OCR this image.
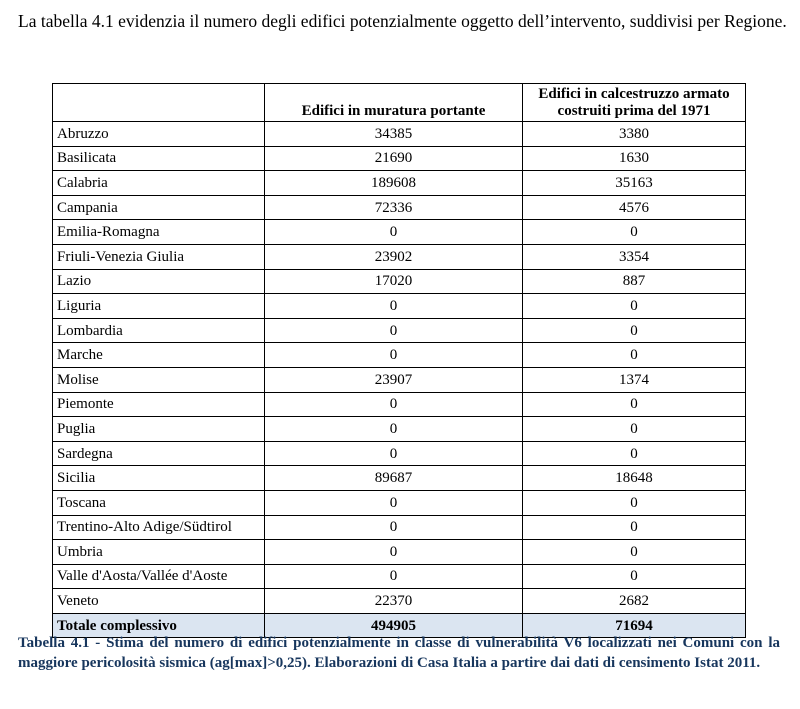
La tabella 4.1 evidenzia il numero degli edifici potenzialmente oggetto dell’intervento, suddivisi per Regione.

	Edifici in muratura portante	Edifici in calcestruzzo armato costruiti prima del 1971
Abruzzo	34385	3380
Basilicata	21690	1630
Calabria	189608	35163
Campania	72336	4576
Emilia-Romagna	0	0
Friuli-Venezia Giulia	23902	3354
Lazio	17020	887
Liguria	0	0
Lombardia	0	0
Marche	0	0
Molise	23907	1374
Piemonte	0	0
Puglia	0	0
Sardegna	0	0
Sicilia	89687	18648
Toscana	0	0
Trentino-Alto Adige/Südtirol	0	0
Umbria	0	0
Valle d'Aosta/Vallée d'Aoste	0	0
Veneto	22370	2682
Totale complessivo	494905	71694

Tabella 4.1 - Stima del numero di edifici potenzialmente in classe di vulnerabilità V6 localizzati nei Comuni con la maggiore pericolosità sismica (ag[max]>0,25). Elaborazioni di Casa Italia a partire dai dati di censimento Istat 2011.
